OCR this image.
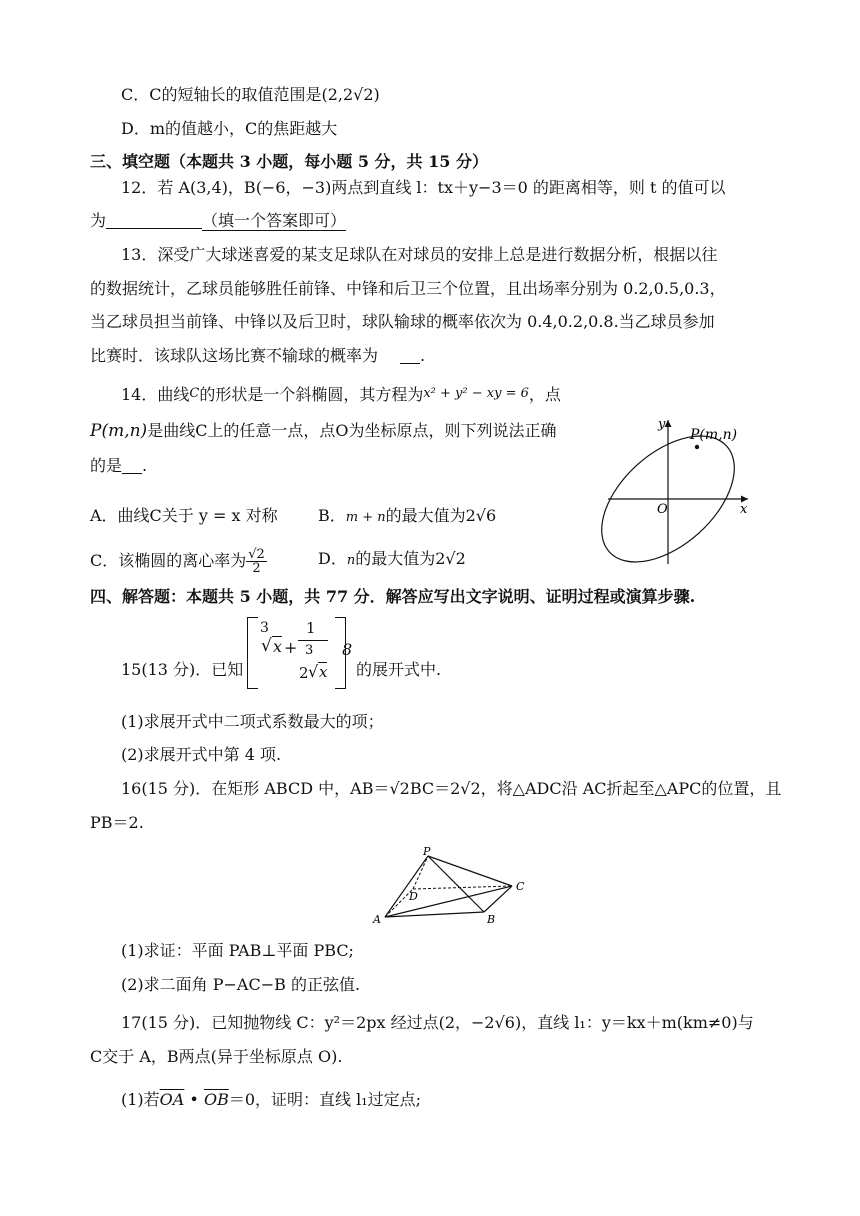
C．C的短轴长的取值范围是(2,2√2)
D．m的值越小，C的焦距越大
三、填空题（本题共 3 小题，每小题 5 分，共 15 分）
12．若 A(3,4)，B(−6，−3)两点到直线 l：tx＋y−3＝0 的距离相等，则 t 的值可以
为	（填一个答案即可）
13．深受广大球迷喜爱的某支足球队在对球员的安排上总是进行数据分析，根据以往
的数据统计，乙球员能够胜任前锋、中锋和后卫三个位置，且出场率分别为 0.2,0.5,0.3，
当乙球员担当前锋、中锋以及后卫时，球队输球的概率依次为 0.4,0.2,0.8.当乙球员参加
比赛时．该球队这场比赛不输球的概率为	.
14．曲线C的形状是一个斜椭圆，其方程为x² + y² − xy = 6，点
P(m,n)是曲线C上的任意一点，点O为坐标原点，则下列说法正确
的是 .
A．曲线C关于 y = x 对称	B．m + n的最大值为2√6
C．该椭圆的离心率为 $\frac{√2}{2}$	D．n的最大值为2√2
P(m,n)
O	x
y
四、解答题：本题共 5 小题，共 77 分．解答应写出文字说明、证明过程或演算步骤.
15(13 分)．已知
3
√ x +
1
3
2 √ x
8
的展开式中.
(1)求展开式中二项式系数最大的项；
(2)求展开式中第 4 项.
16(15 分)．在矩形 ABCD 中，AB＝√2BC＝2√2，将△ADC沿 AC折起至△APC的位置，且
PB＝2.
P
A	B
C
D
(1)求证：平面 PAB⊥平面 PBC;
(2)求二面角 P−AC−B 的正弦值.
17(15 分)．已知抛物线 C：y²＝2px 经过点(2，−2√6)，直线 l₁：y＝kx＋m(km≠0)与
C交于 A，B两点(异于坐标原点 O).
(1)若$\overline{OA}$ • $\overline{OB}=0$，证明：直线 l₁过定点;
